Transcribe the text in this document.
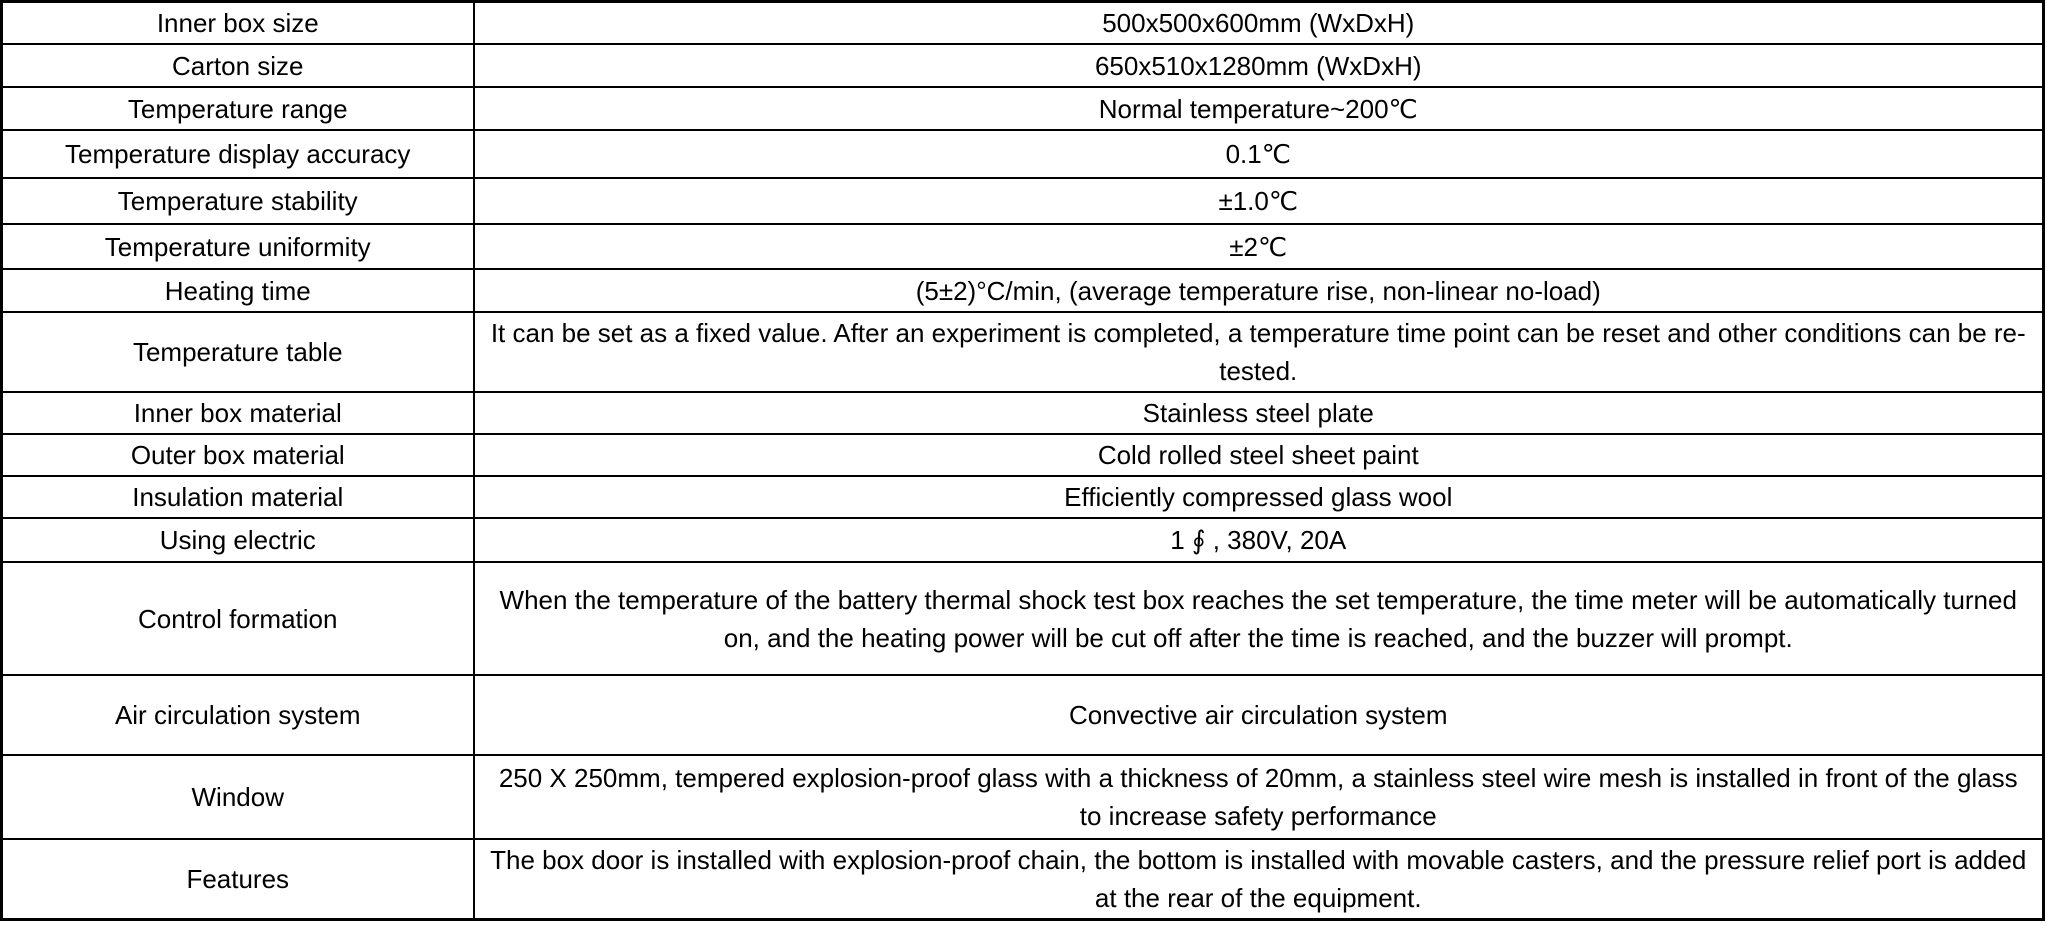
Inner box size	500x500x600mm (WxDxH)
Carton size	650x510x1280mm (WxDxH)
Temperature range	Normal temperature~200℃
Temperature display accuracy	0.1℃
Temperature stability	±1.0℃
Temperature uniformity	±2℃
Heating time	(5±2)°C/min, (average temperature rise, non-linear no-load)
Temperature table	It can be set as a fixed value. After an experiment is completed, a temperature time point can be reset and other conditions can be re-tested.
Inner box material	Stainless steel plate
Outer box material	Cold rolled steel sheet paint
Insulation material	Efficiently compressed glass wool
Using electric	1 ∮ , 380V, 20A
Control formation	When the temperature of the battery thermal shock test box reaches the set temperature, the time meter will be automatically turned on, and the heating power will be cut off after the time is reached, and the buzzer will prompt.
Air circulation system	Convective air circulation system
Window	250 X 250mm, tempered explosion-proof glass with a thickness of 20mm, a stainless steel wire mesh is installed in front of the glass to increase safety performance
Features	The box door is installed with explosion-proof chain, the bottom is installed with movable casters, and the pressure relief port is added at the rear of the equipment.
